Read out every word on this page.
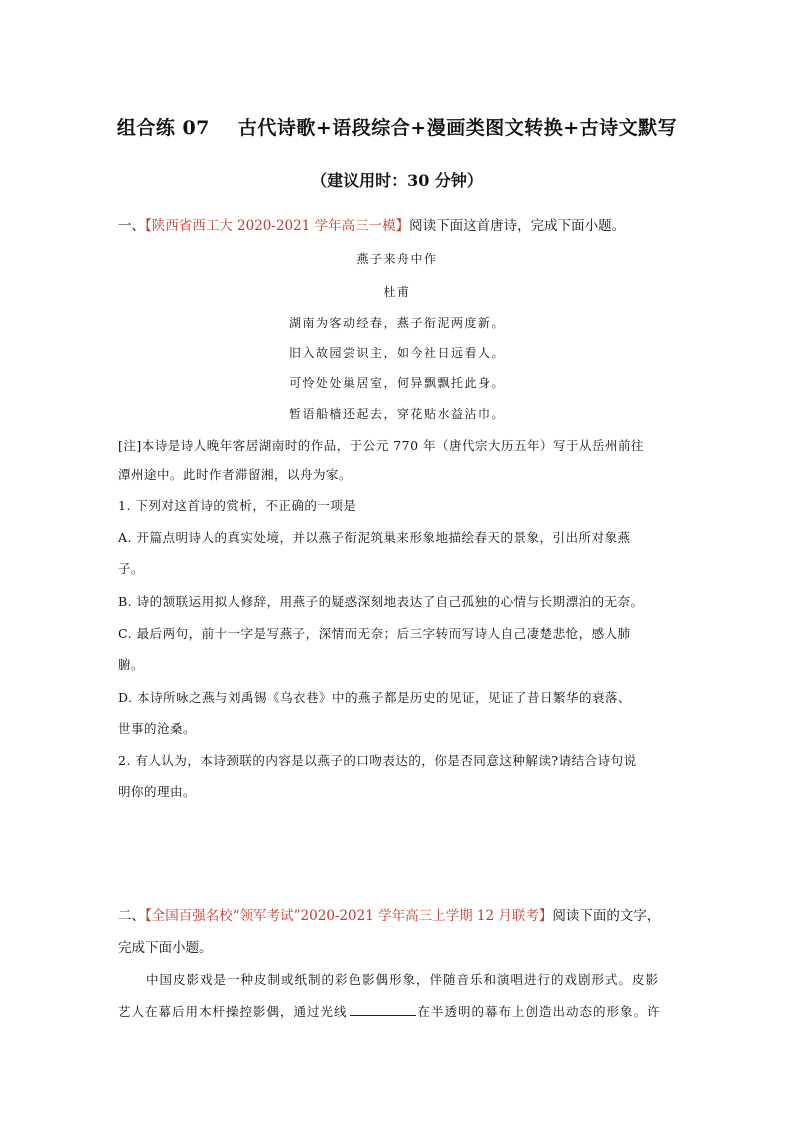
组合练 07 古代诗歌+语段综合+漫画类图文转换+古诗文默写
（建议用时：30 分钟）
一、【陕西省西工大 2020-2021 学年高三一模】阅读下面这首唐诗，完成下面小题。
燕子来舟中作
杜甫
湖南为客动经春，燕子衔泥两度新。
旧入故园尝识主，如今社日远看人。
可怜处处巢居室，何异飘飘托此身。
暂语船樯还起去，穿花贴水益沾巾。
[注]本诗是诗人晚年客居湖南时的作品，于公元 770 年（唐代宗大历五年）写于从岳州前往
潭州途中。此时作者滞留湘，以舟为家。
1. 下列对这首诗的赏析，不正确的一项是
A. 开篇点明诗人的真实处境，并以燕子衔泥筑巢来形象地描绘春天的景象，引出所对象燕
子。
B. 诗的颔联运用拟人修辞，用燕子的疑惑深刻地表达了自己孤独的心情与长期漂泊的无奈。
C. 最后两句，前十一字是写燕子，深情而无奈；后三字转而写诗人自己凄楚悲怆，感人肺
腑。
D. 本诗所咏之燕与刘禹锡《乌衣巷》中的燕子都是历史的见证，见证了昔日繁华的衰落、
世事的沧桑。
2. 有人认为，本诗颈联的内容是以燕子的口吻表达的，你是否同意这种解读?请结合诗句说
明你的理由。
二、【全国百强名校“领军考试”2020-2021 学年高三上学期 12 月联考】阅读下面的文字，
完成下面小题。
中国皮影戏是一种皮制或纸制的彩色影偶形象，伴随音乐和演唱进行的戏剧形式。皮影
艺人在幕后用木杆操控影偶，通过光线	在半透明的幕布上创造出动态的形象。许
